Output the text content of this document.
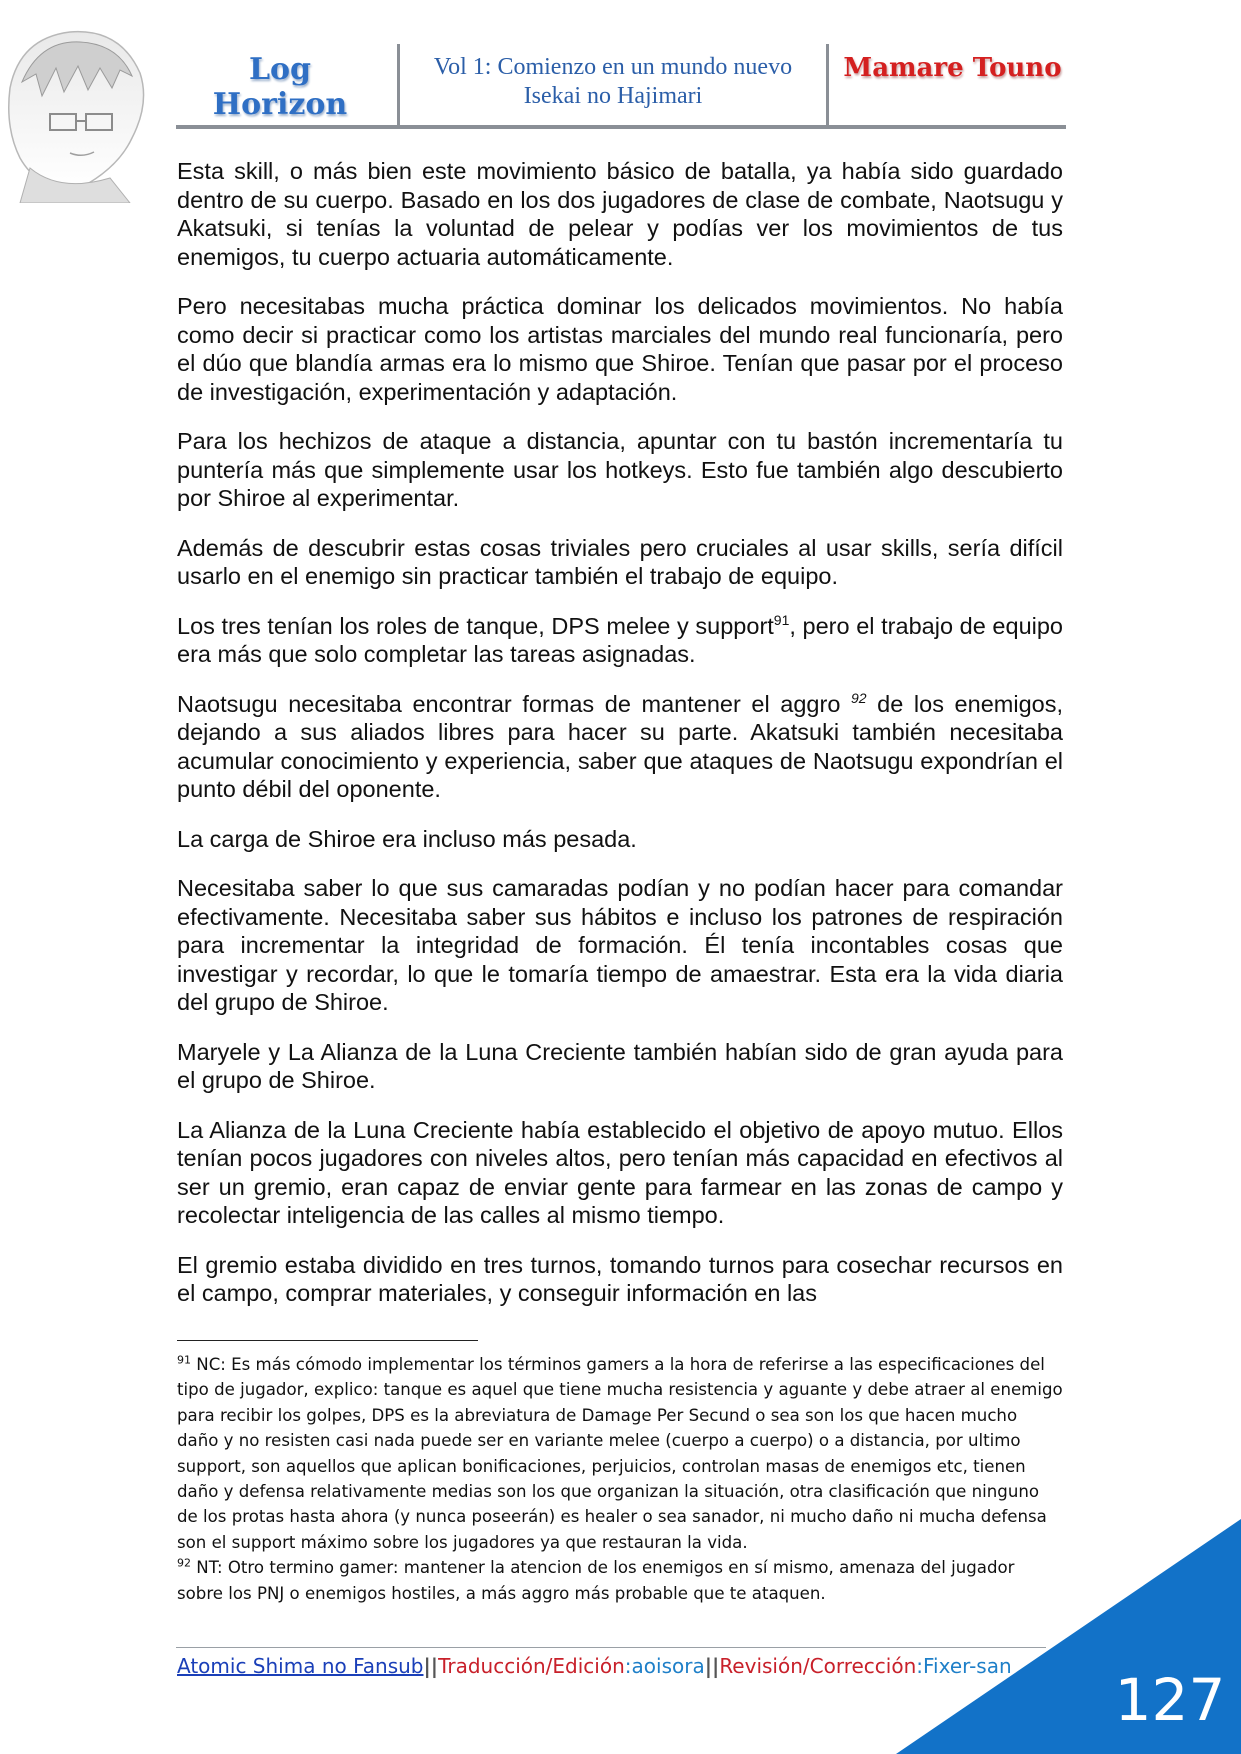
Log Horizon
Vol 1: Comienzo en un mundo nuevo
Isekai no Hajimari
Mamare Touno

Esta skill, o más bien este movimiento básico de batalla, ya había sido guardado dentro de su cuerpo. Basado en los dos jugadores de clase de combate, Naotsugu y Akatsuki, si tenías la voluntad de pelear y podías ver los movimientos de tus enemigos, tu cuerpo actuaria automáticamente.

Pero necesitabas mucha práctica dominar los delicados movimientos. No había como decir si practicar como los artistas marciales del mundo real funcionaría, pero el dúo que blandía armas era lo mismo que Shiroe. Tenían que pasar por el proceso de investigación, experimentación y adaptación.

Para los hechizos de ataque a distancia, apuntar con tu bastón incrementaría tu puntería más que simplemente usar los hotkeys. Esto fue también algo descubierto por Shiroe al experimentar.

Además de descubrir estas cosas triviales pero cruciales al usar skills, sería difícil usarlo en el enemigo sin practicar también el trabajo de equipo.

Los tres tenían los roles de tanque, DPS melee y support$^{91}$, pero el trabajo de equipo era más que solo completar las tareas asignadas.

Naotsugu necesitaba encontrar formas de mantener el aggro $^{92}$ de los enemigos, dejando a sus aliados libres para hacer su parte. Akatsuki también necesitaba acumular conocimiento y experiencia, saber que ataques de Naotsugu expondrían el punto débil del oponente.

La carga de Shiroe era incluso más pesada.

Necesitaba saber lo que sus camaradas podían y no podían hacer para comandar efectivamente. Necesitaba saber sus hábitos e incluso los patrones de respiración para incrementar la integridad de formación. Él tenía incontables cosas que investigar y recordar, lo que le tomaría tiempo de amaestrar. Esta era la vida diaria del grupo de Shiroe.

Maryele y La Alianza de la Luna Creciente también habían sido de gran ayuda para el grupo de Shiroe.

La Alianza de la Luna Creciente había establecido el objetivo de apoyo mutuo. Ellos tenían pocos jugadores con niveles altos, pero tenían más capacidad en efectivos al ser un gremio, eran capaz de enviar gente para farmear en las zonas de campo y recolectar inteligencia de las calles al mismo tiempo.

El gremio estaba dividido en tres turnos, tomando turnos para cosechar recursos en el campo, comprar materiales, y conseguir información en las

$^{91}$ NC: Es más cómodo implementar los términos gamers a la hora de referirse a las especificaciones del tipo de jugador, explico: tanque es aquel que tiene mucha resistencia y aguante y debe atraer al enemigo para recibir los golpes, DPS es la abreviatura de Damage Per Secund o sea son los que hacen mucho daño y no resisten casi nada puede ser en variante melee (cuerpo a cuerpo) o a distancia, por ultimo support, son aquellos que aplican bonificaciones, perjuicios, controlan masas de enemigos etc, tienen daño y defensa relativamente medias son los que organizan la situación, otra clasificación que ninguno de los protas hasta ahora (y nunca poseerán) es healer o sea sanador, ni mucho daño ni mucha defensa son el support máximo sobre los jugadores ya que restauran la vida.

$^{92}$ NT: Otro termino gamer: mantener la atencion de los enemigos en sí mismo, amenaza del jugador sobre los PNJ o enemigos hostiles, a más aggro más probable que te ataquen.

Atomic Shima no Fansub||Traducción/Edición:aoisora||Revisión/Corrección:Fixer-san 127
